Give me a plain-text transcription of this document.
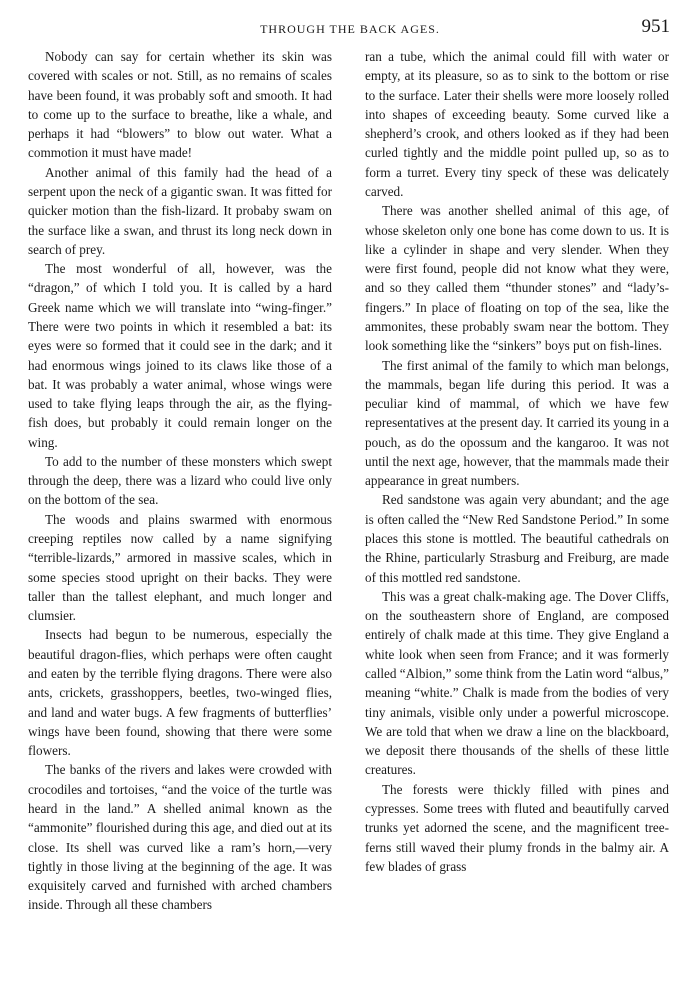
THROUGH THE BACK AGES.	951

Nobody can say for certain whether its skin was covered with scales or not. Still, as no remains of scales have been found, it was probably soft and smooth. It had to come up to the surface to breathe, like a whale, and perhaps it had “blowers” to blow out water. What a commotion it must have made!

Another animal of this family had the head of a serpent upon the neck of a gigantic swan. It was fitted for quicker motion than the fish-lizard. It probaby swam on the surface like a swan, and thrust its long neck down in search of prey.

The most wonderful of all, however, was the “dragon,” of which I told you. It is called by a hard Greek name which we will translate into “wing-finger.” There were two points in which it resembled a bat: its eyes were so formed that it could see in the dark; and it had enormous wings joined to its claws like those of a bat. It was probably a water animal, whose wings were used to take flying leaps through the air, as the flying-fish does, but probably it could remain longer on the wing.

To add to the number of these monsters which swept through the deep, there was a lizard who could live only on the bottom of the sea.

The woods and plains swarmed with enormous creeping reptiles now called by a name signifying “terrible-lizards,” armored in massive scales, which in some species stood upright on their backs. They were taller than the tallest elephant, and much longer and clumsier.

Insects had begun to be numerous, especially the beautiful dragon-flies, which perhaps were often caught and eaten by the terrible flying dragons. There were also ants, crickets, grasshoppers, beetles, two-winged flies, and land and water bugs. A few fragments of butterflies’ wings have been found, showing that there were some flowers.

The banks of the rivers and lakes were crowded with crocodiles and tortoises, “and the voice of the turtle was heard in the land.” A shelled animal known as the “ammonite” flourished during this age, and died out at its close. Its shell was curved like a ram’s horn,—very tightly in those living at the beginning of the age. It was exquisitely carved and furnished with arched chambers inside. Through all these chambers

ran a tube, which the animal could fill with water or empty, at its pleasure, so as to sink to the bottom or rise to the surface. Later their shells were more loosely rolled into shapes of exceeding beauty. Some curved like a shepherd’s crook, and others looked as if they had been curled tightly and the middle point pulled up, so as to form a turret. Every tiny speck of these was delicately carved.

There was another shelled animal of this age, of whose skeleton only one bone has come down to us. It is like a cylinder in shape and very slender. When they were first found, people did not know what they were, and so they called them “thunder stones” and “lady’s-fingers.” In place of floating on top of the sea, like the ammonites, these probably swam near the bottom. They look something like the “sinkers” boys put on fish-lines.

The first animal of the family to which man belongs, the mammals, began life during this period. It was a peculiar kind of mammal, of which we have few representatives at the present day. It carried its young in a pouch, as do the opossum and the kangaroo. It was not until the next age, however, that the mammals made their appearance in great numbers.

Red sandstone was again very abundant; and the age is often called the “New Red Sandstone Period.” In some places this stone is mottled. The beautiful cathedrals on the Rhine, particularly Strasburg and Freiburg, are made of this mottled red sandstone.

This was a great chalk-making age. The Dover Cliffs, on the southeastern shore of England, are composed entirely of chalk made at this time. They give England a white look when seen from France; and it was formerly called “Albion,” some think from the Latin word “albus,” meaning “white.” Chalk is made from the bodies of very tiny animals, visible only under a powerful microscope. We are told that when we draw a line on the blackboard, we deposit there thousands of the shells of these little creatures.

The forests were thickly filled with pines and cypresses. Some trees with fluted and beautifully carved trunks yet adorned the scene, and the magnificent tree-ferns still waved their plumy fronds in the balmy air. A few blades of grass
